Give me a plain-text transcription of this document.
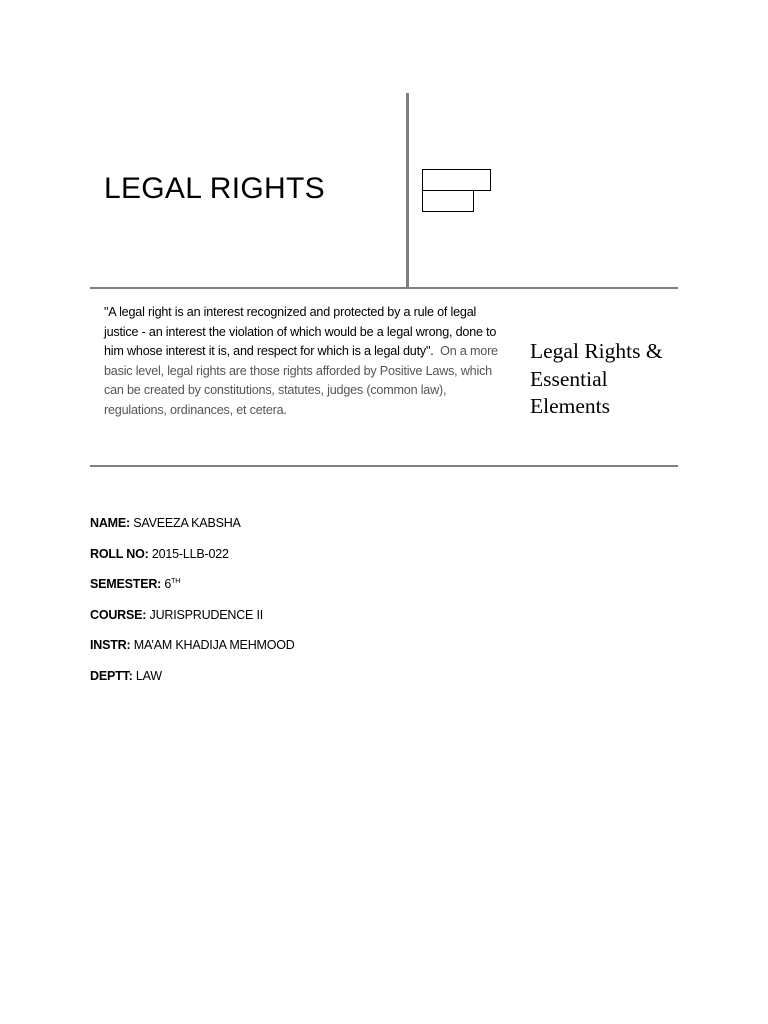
LEGAL RIGHTS
"A legal right is an interest recognized and protected by a rule of legal justice - an interest the violation of which would be a legal wrong, done to him whose interest it is, and respect for which is a legal duty". On a more basic level, legal rights are those rights afforded by Positive Laws, which can be created by constitutions, statutes, judges (common law), regulations, ordinances, et cetera.
Legal Rights & Essential Elements
NAME: SAVEEZA KABSHA
ROLL NO: 2015-LLB-022
SEMESTER: 6TH
COURSE: JURISPRUDENCE II
INSTR: MA’AM KHADIJA MEHMOOD
DEPTT: LAW
